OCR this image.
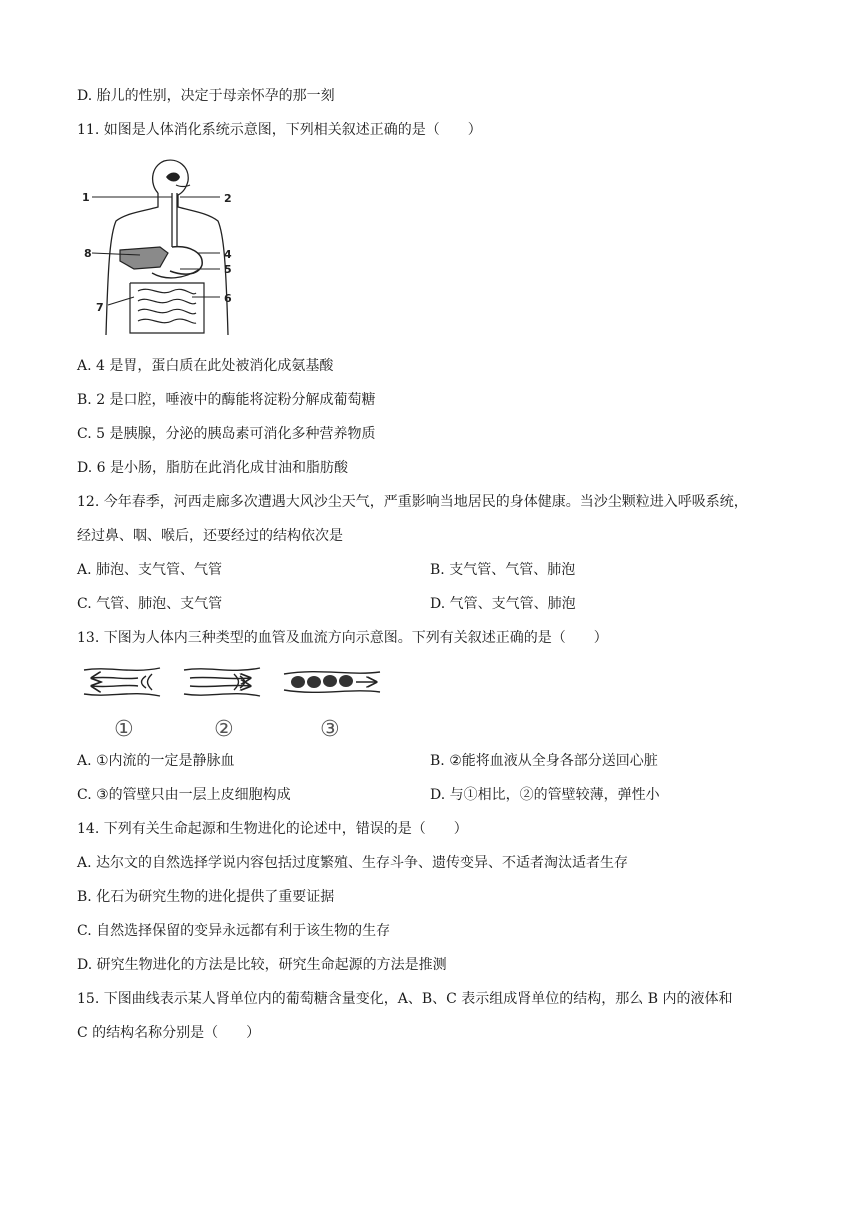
D. 胎儿的性别，决定于母亲怀孕的那一刻
11. 如图是人体消化系统示意图，下列相关叙述正确的是（　　）
1	2
4
5
6
7
8
A. 4 是胃，蛋白质在此处被消化成氨基酸
B. 2 是口腔，唾液中的酶能将淀粉分解成葡萄糖
C. 5 是胰腺，分泌的胰岛素可消化多种营养物质
D. 6 是小肠，脂肪在此消化成甘油和脂肪酸
12. 今年春季，河西走廊多次遭遇大风沙尘天气，严重影响当地居民的身体健康。当沙尘颗粒进入呼吸系统，
经过鼻、咽、喉后，还要经过的结构依次是
A. 肺泡、支气管、气管	B. 支气管、气管、肺泡
C. 气管、肺泡、支气管	D. 气管、支气管、肺泡
13. 下图为人体内三种类型的血管及血流方向示意图。下列有关叙述正确的是（　　）
①	②	③
A. ①内流的一定是静脉血	B. ②能将血液从全身各部分送回心脏
C. ③的管壁只由一层上皮细胞构成	D. 与①相比，②的管壁较薄，弹性小
14. 下列有关生命起源和生物进化的论述中，错误的是（　　）
A. 达尔文的自然选择学说内容包括过度繁殖、生存斗争、遗传变异、不适者淘汰适者生存
B. 化石为研究生物的进化提供了重要证据
C. 自然选择保留的变异永远都有利于该生物的生存
D. 研究生物进化的方法是比较，研究生命起源的方法是推测
15. 下图曲线表示某人肾单位内的葡萄糖含量变化，A、B、C 表示组成肾单位的结构，那么 B 内的液体和
C 的结构名称分别是（　　）
